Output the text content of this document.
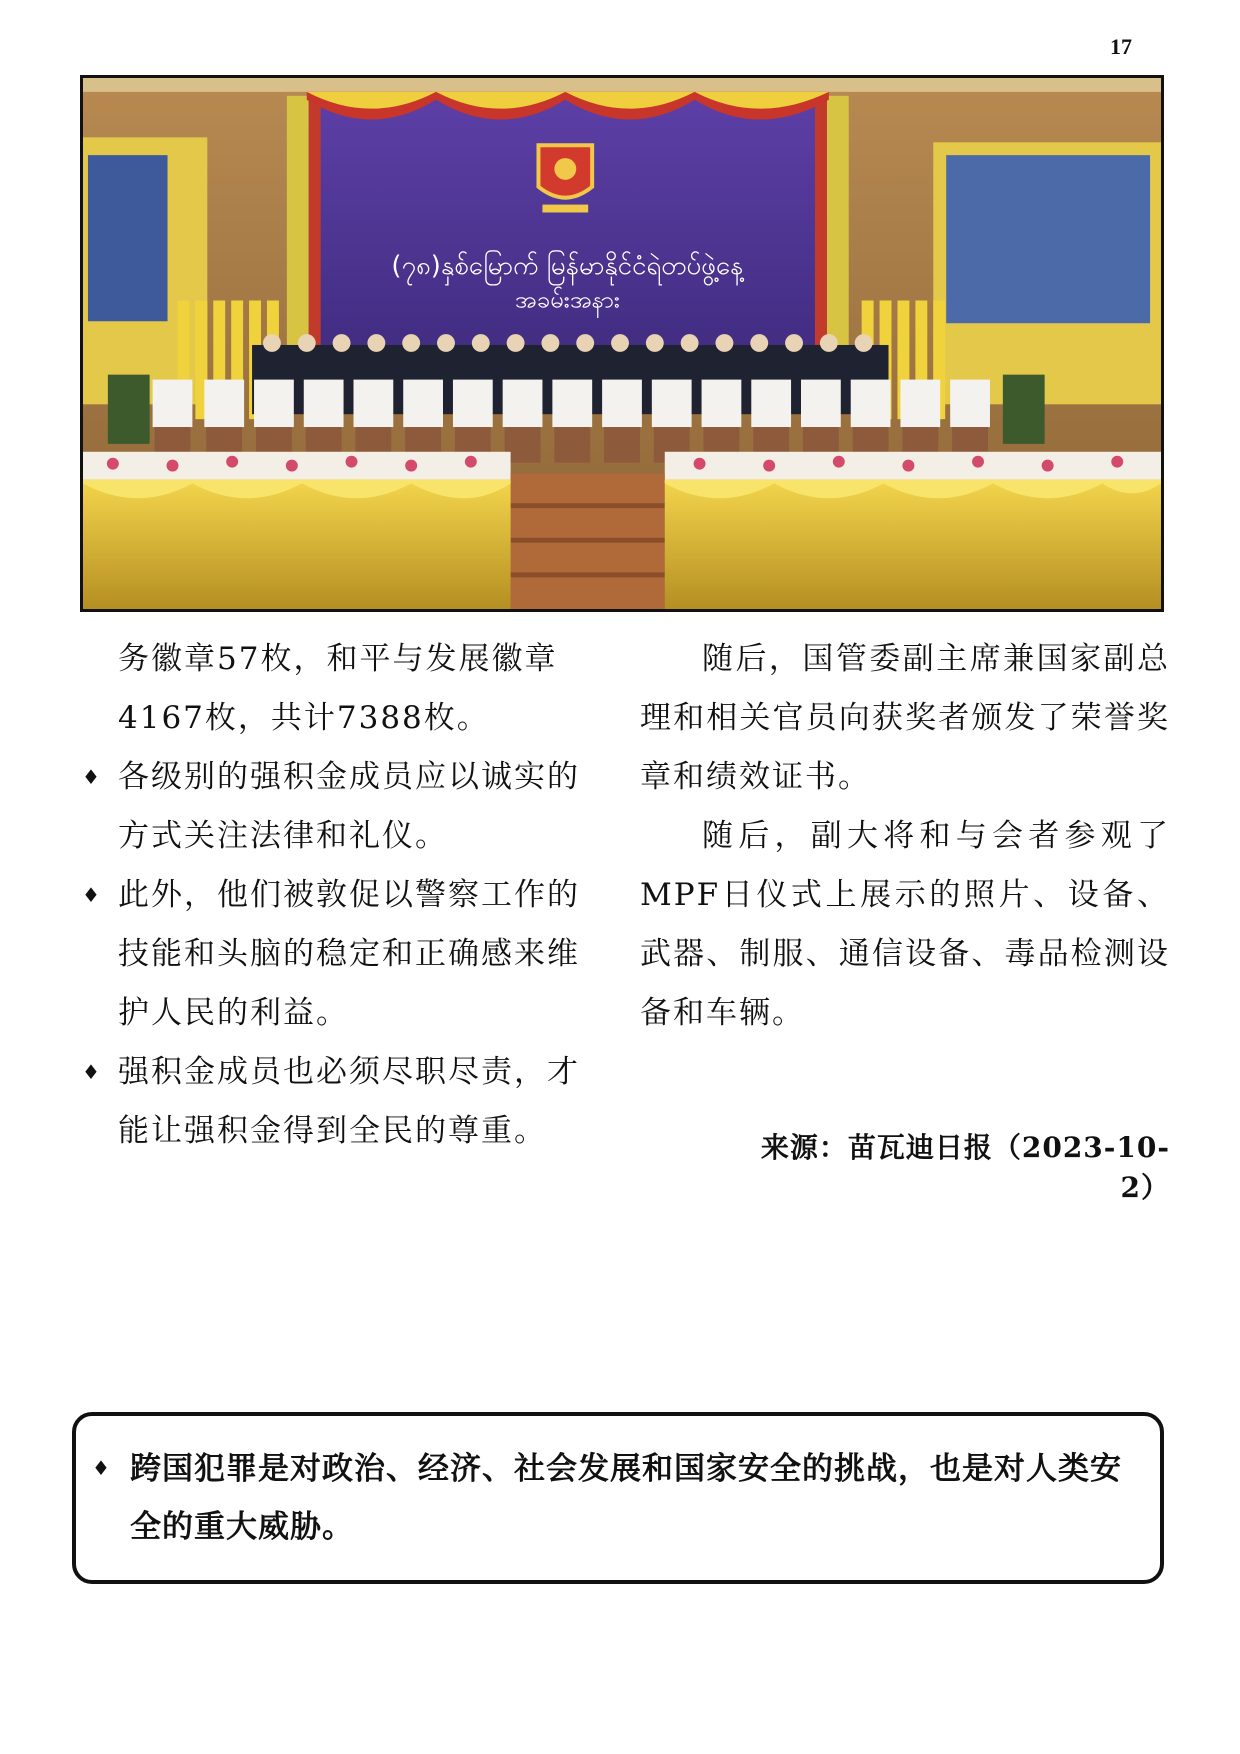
17
(၇၈)နှစ်မြောက် မြန်မာနိုင်ငံရဲတပ်ဖွဲ့နေ့
အခမ်းအနား

务徽章57枚，和平与发展徽章4167枚，共计7388枚。

♦ 各级别的强积金成员应以诚实的方式关注法律和礼仪。

♦ 此外，他们被敦促以警察工作的技能和头脑的稳定和正确感来维护人民的利益。

♦ 强积金成员也必须尽职尽责，才能让强积金得到全民的尊重。

随后，国管委副主席兼国家副总理和相关官员向获奖者颁发了荣誉奖章和绩效证书。

随后，副大将和与会者参观了MPF日仪式上展示的照片、设备、武器、制服、通信设备、毒品检测设备和车辆。

来源：苗瓦迪日报（2023-10-2）
♦ 跨国犯罪是对政治、经济、社会发展和国家安全的挑战，也是对人类安全的重大威胁。
